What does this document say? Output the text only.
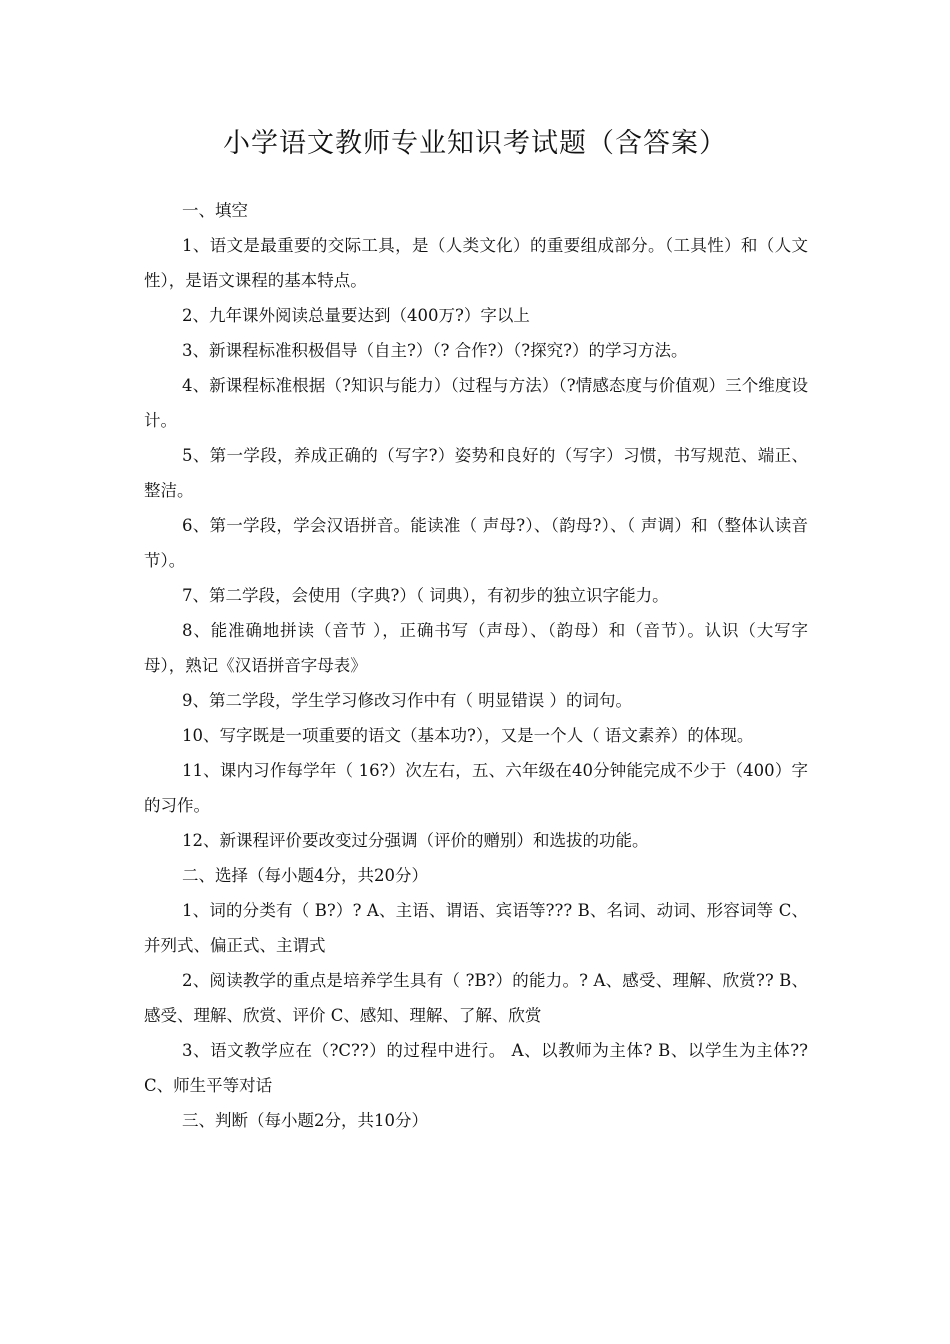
小学语文教师专业知识考试题（含答案）

一、填空

1、语文是最重要的交际工具，是（人类文化）的重要组成部分。（工具性）和（人文性），是语文课程的基本特点。

2、九年课外阅读总量要达到（400万?）字以上

3、新课程标准积极倡导（自主?）（? 合作?）（?探究?）的学习方法。

4、新课程标准根据（?知识与能力）（过程与方法）（?情感态度与价值观）三个维度设计。

5、第一学段，养成正确的（写字?）姿势和良好的（写字）习惯，书写规范、端正、整洁。

6、第一学段，学会汉语拼音。能读准（ 声母?）、（韵母?）、（ 声调）和（整体认读音节）。

7、第二学段，会使用（字典?）（ 词典），有初步的独立识字能力。

8、能准确地拼读（音节 ），正确书写（声母）、（韵母）和（音节）。认识（大写字母），熟记《汉语拼音字母表》

9、第二学段，学生学习修改习作中有（ 明显错误 ）的词句。

10、写字既是一项重要的语文（基本功?），又是一个人（ 语文素养）的体现。

11、课内习作每学年（ 16?）次左右，五、六年级在40分钟能完成不少于（400）字的习作。

12、新课程评价要改变过分强调（评价的赠别）和选拔的功能。

二、选择（每小题4分，共20分）

1、词的分类有（ B?）? A、主语、谓语、宾语等??? B、名词、动词、形容词等 C、并列式、偏正式、主谓式

2、阅读教学的重点是培养学生具有（ ?B?）的能力。? A、感受、理解、欣赏?? B、感受、理解、欣赏、评价 C、感知、理解、了解、欣赏

3、语文教学应在（?C??）的过程中进行。 A、以教师为主体? B、以学生为主体?? C、师生平等对话

三、判断（每小题2分，共10分）
